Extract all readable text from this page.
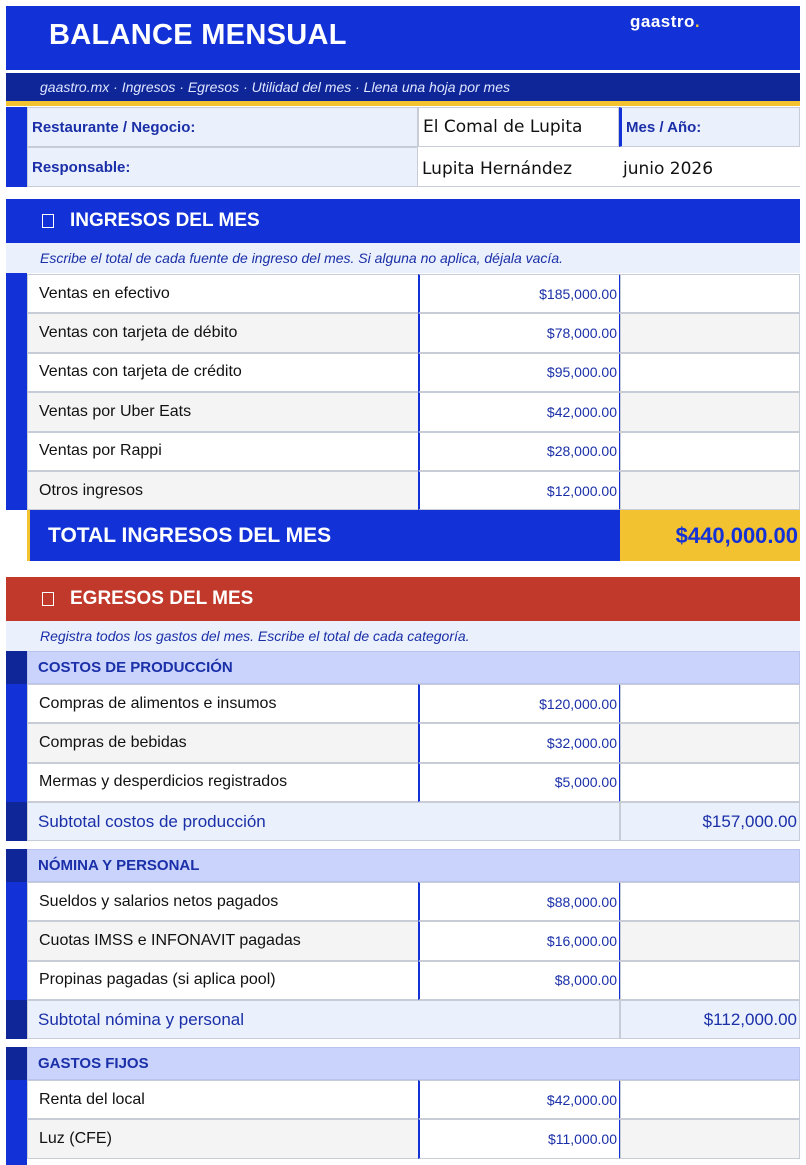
BALANCE MENSUAL	gaastro.
gaastro.mx · Ingresos · Egresos · Utilidad del mes · Llena una hoja por mes
Restaurante / Negocio:	El Comal de Lupita	Mes / Año:
Responsable:	Lupita Hernández	junio 2026
INGRESOS DEL MES
Escribe el total de cada fuente de ingreso del mes. Si alguna no aplica, déjala vacía.
Ventas en efectivo	$185,000.00
Ventas con tarjeta de débito	$78,000.00
Ventas con tarjeta de crédito	$95,000.00
Ventas por Uber Eats	$42,000.00
Ventas por Rappi	$28,000.00
Otros ingresos	$12,000.00
TOTAL INGRESOS DEL MES	$440,000.00
EGRESOS DEL MES
Registra todos los gastos del mes. Escribe el total de cada categoría.
COSTOS DE PRODUCCIÓN
Compras de alimentos e insumos	$120,000.00
Compras de bebidas	$32,000.00
Mermas y desperdicios registrados	$5,000.00
Subtotal costos de producción	$157,000.00
NÓMINA Y PERSONAL
Sueldos y salarios netos pagados	$88,000.00
Cuotas IMSS e INFONAVIT pagadas	$16,000.00
Propinas pagadas (si aplica pool)	$8,000.00
Subtotal nómina y personal	$112,000.00
GASTOS FIJOS
Renta del local	$42,000.00
Luz (CFE)	$11,000.00
